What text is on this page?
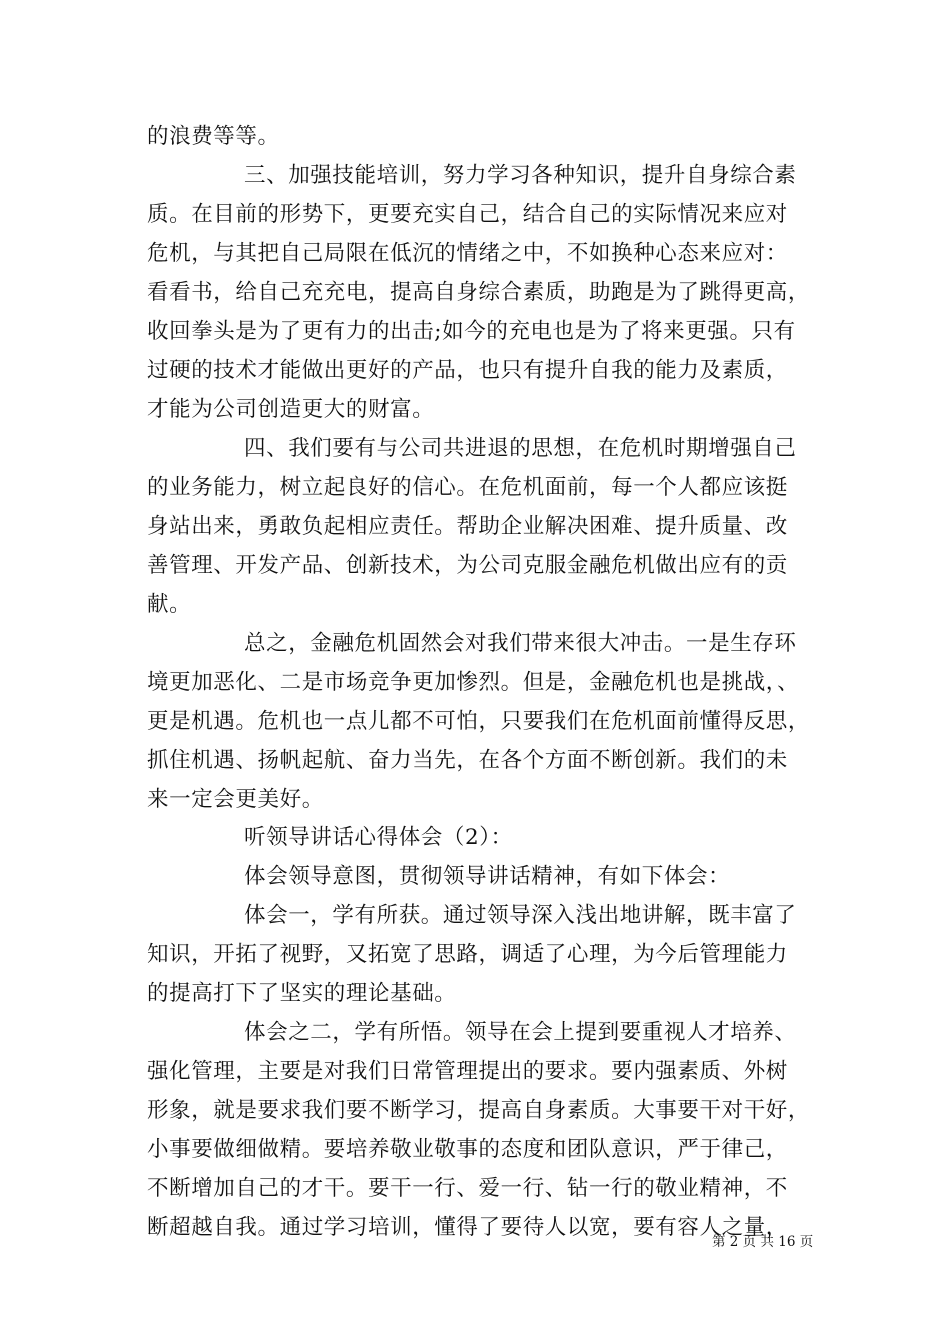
的浪费等等。
三、加强技能培训，努力学习各种知识，提升自身综合素
质。在目前的形势下，更要充实自己，结合自己的实际情况来应对
危机，与其把自己局限在低沉的情绪之中，不如换种心态来应对：
看看书，给自己充充电，提高自身综合素质，助跑是为了跳得更高，
收回拳头是为了更有力的出击;如今的充电也是为了将来更强。只有
过硬的技术才能做出更好的产品，也只有提升自我的能力及素质，
才能为公司创造更大的财富。
四、我们要有与公司共进退的思想，在危机时期增强自己
的业务能力，树立起良好的信心。在危机面前，每一个人都应该挺
身站出来，勇敢负起相应责任。帮助企业解决困难、提升质量、改
善管理、开发产品、创新技术，为公司克服金融危机做出应有的贡
献。
总之，金融危机固然会对我们带来很大冲击。一是生存环
境更加恶化、二是市场竞争更加惨烈。但是，金融危机也是挑战，、
更是机遇。危机也一点儿都不可怕，只要我们在危机面前懂得反思，
抓住机遇、扬帆起航、奋力当先，在各个方面不断创新。我们的未
来一定会更美好。
听领导讲话心得体会（2）：
体会领导意图，贯彻领导讲话精神，有如下体会：
体会一，学有所获。通过领导深入浅出地讲解，既丰富了
知识，开拓了视野，又拓宽了思路，调适了心理，为今后管理能力
的提高打下了坚实的理论基础。
体会之二，学有所悟。领导在会上提到要重视人才培养、
强化管理，主要是对我们日常管理提出的要求。要内强素质、外树
形象，就是要求我们要不断学习，提高自身素质。大事要干对干好，
小事要做细做精。要培养敬业敬事的态度和团队意识，严于律己，
不断增加自己的才干。要干一行、爱一行、钻一行的敬业精神，不
断超越自我。通过学习培训，懂得了要待人以宽，要有容人之量，
第 2 页 共 16 页
